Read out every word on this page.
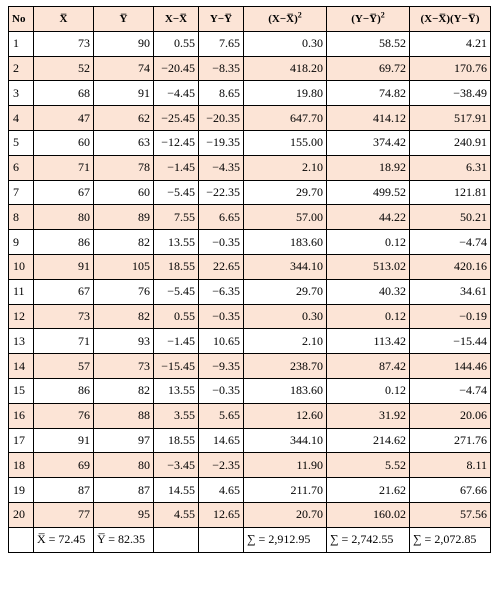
No	X̅	Y̅	X−X̅	Y−Y̅	(X−X̅)$^2$	(Y−Y̅)$^2$	(X−X̅)(Y−Y̅)
1	73	90	0.55	7.65	0.30	58.52	4.21
2	52	74	−20.45	−8.35	418.20	69.72	170.76
3	68	91	−4.45	8.65	19.80	74.82	−38.49
4	47	62	−25.45	−20.35	647.70	414.12	517.91
5	60	63	−12.45	−19.35	155.00	374.42	240.91
6	71	78	−1.45	−4.35	2.10	18.92	6.31
7	67	60	−5.45	−22.35	29.70	499.52	121.81
8	80	89	7.55	6.65	57.00	44.22	50.21
9	86	82	13.55	−0.35	183.60	0.12	−4.74
10	91	105	18.55	22.65	344.10	513.02	420.16
11	67	76	−5.45	−6.35	29.70	40.32	34.61
12	73	82	0.55	−0.35	0.30	0.12	−0.19
13	71	93	−1.45	10.65	2.10	113.42	−15.44
14	57	73	−15.45	−9.35	238.70	87.42	144.46
15	86	82	13.55	−0.35	183.60	0.12	−4.74
16	76	88	3.55	5.65	12.60	31.92	20.06
17	91	97	18.55	14.65	344.10	214.62	271.76
18	69	80	−3.45	−2.35	11.90	5.52	8.11
19	87	87	14.55	4.65	211.70	21.62	67.66
20	77	95	4.55	12.65	20.70	160.02	57.56
	X̅ = 72.45	Y̅ = 82.35			∑ = 2,912.95	∑ = 2,742.55	∑ = 2,072.85
